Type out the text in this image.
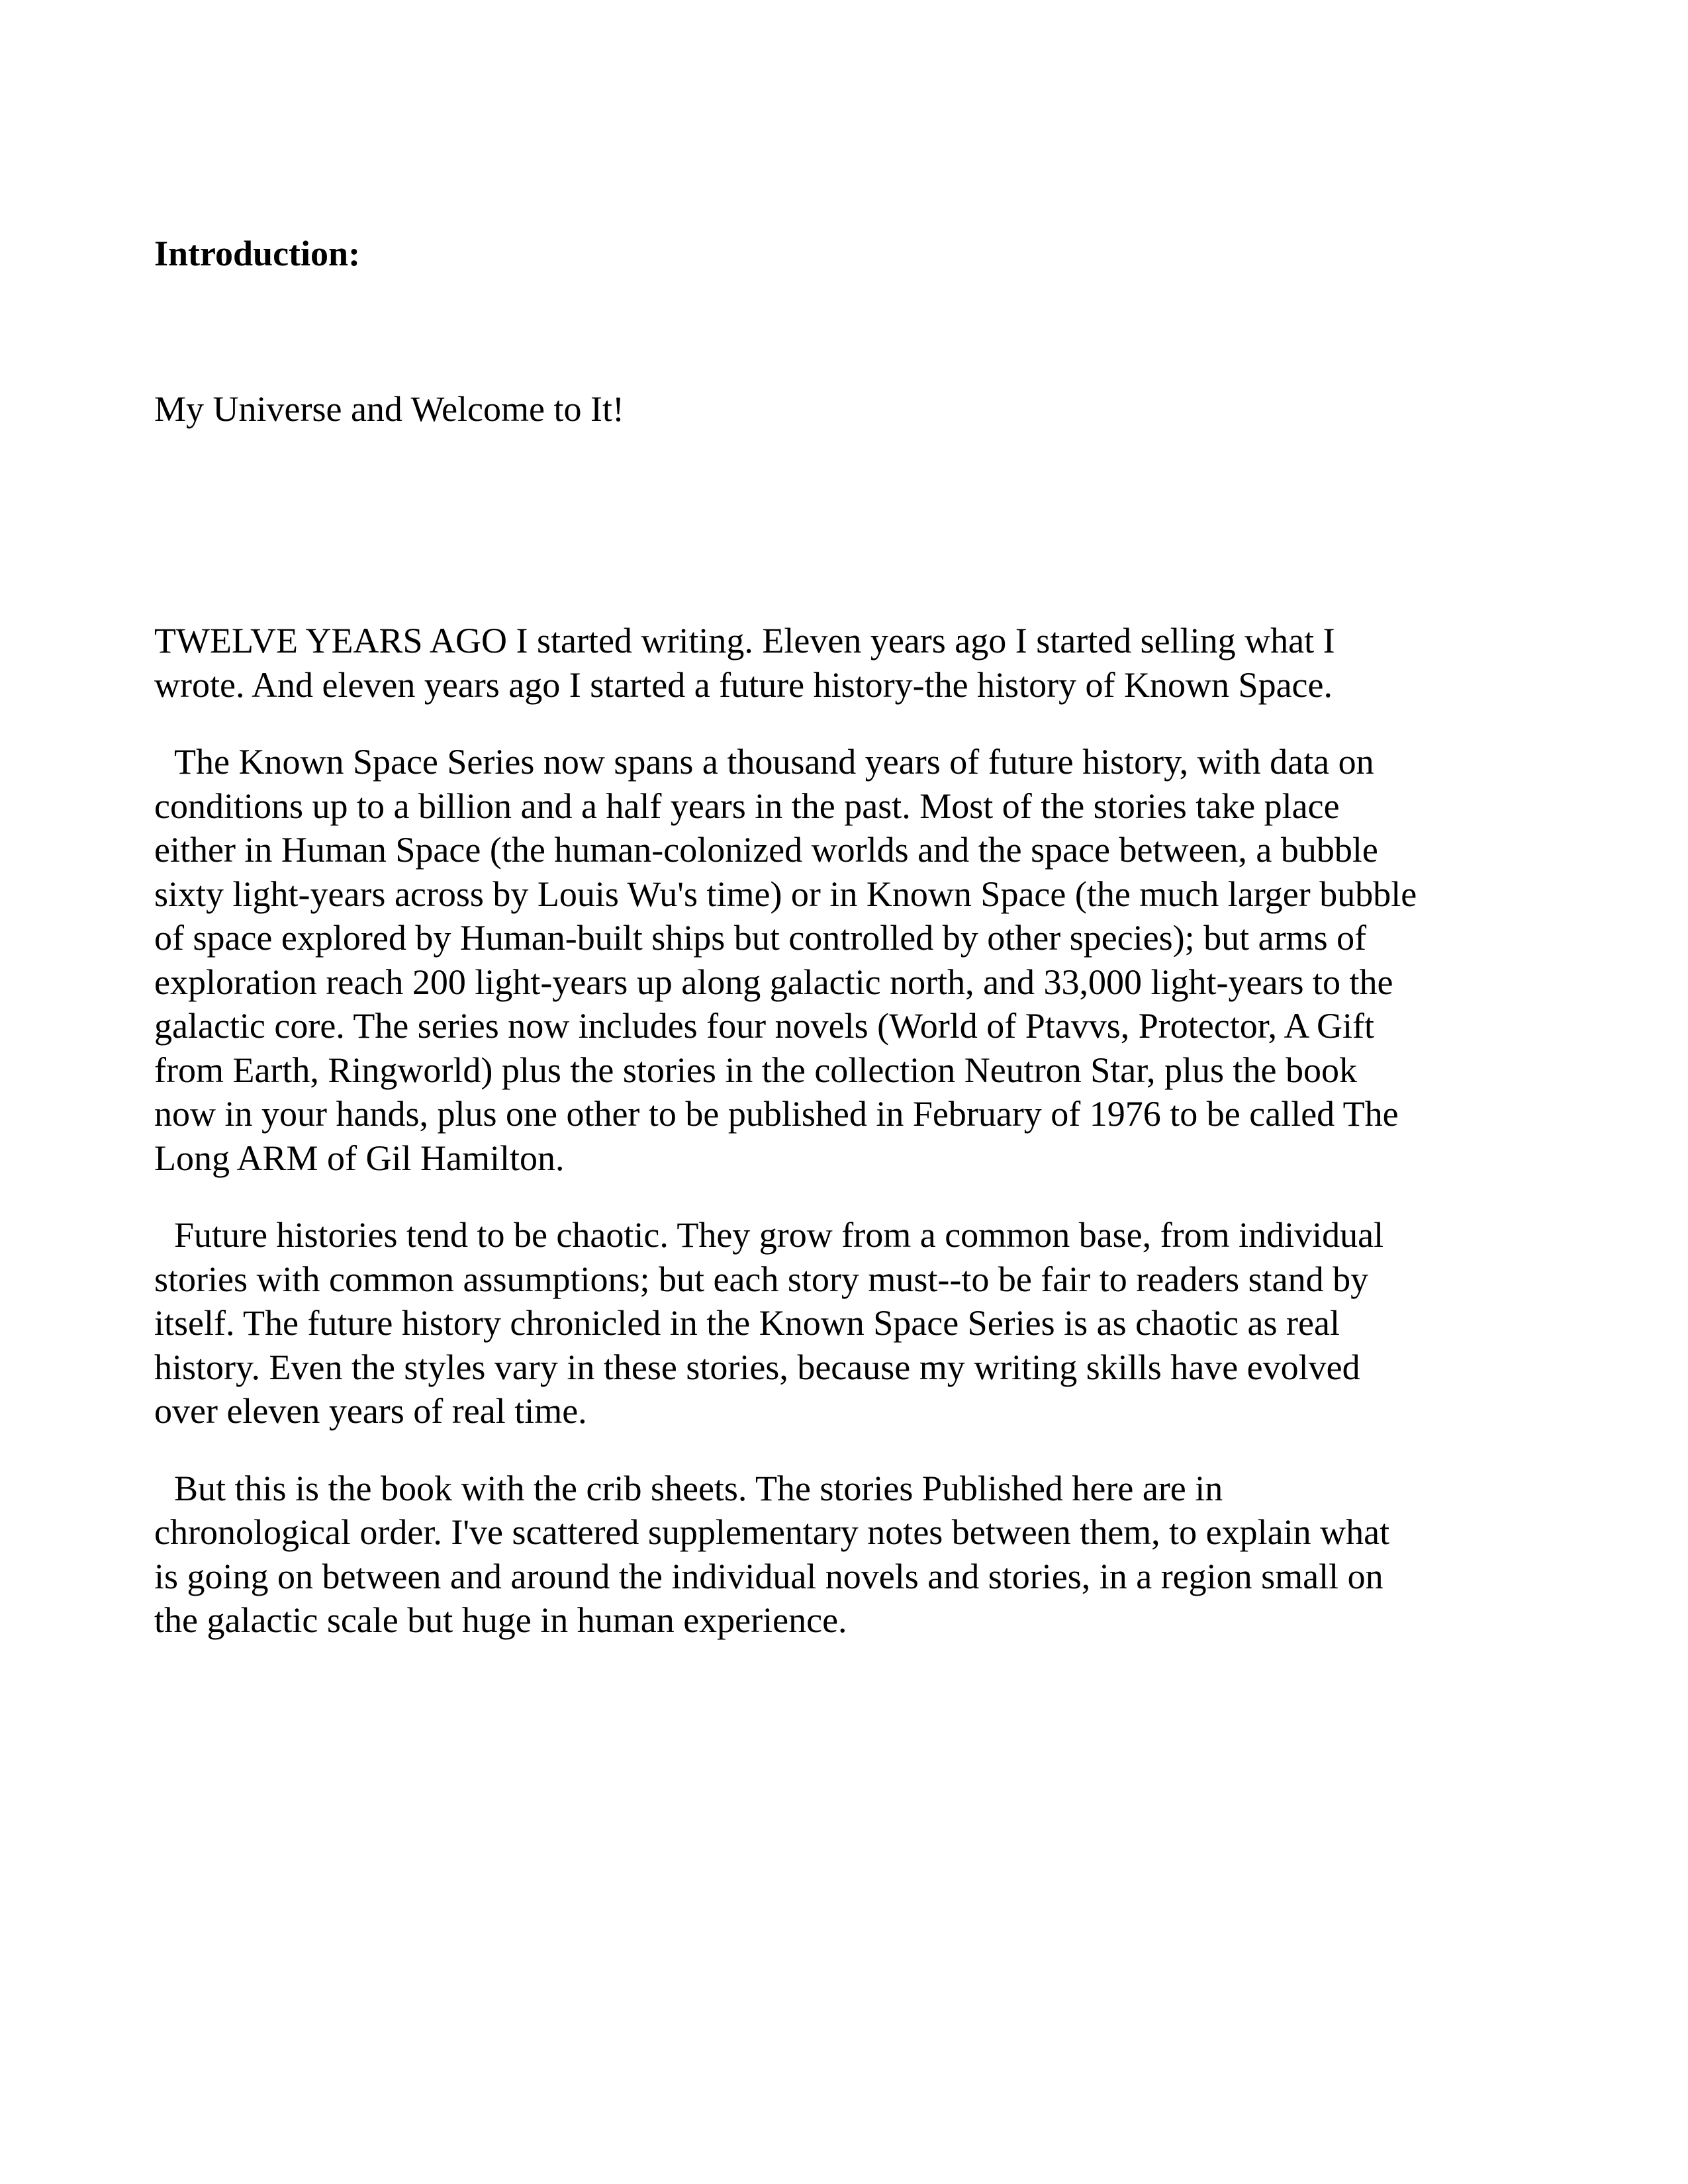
Introduction:

My Universe and Welcome to It!

TWELVE YEARS AGO I started writing. Eleven years ago I started selling what I
wrote. And eleven years ago I started a future history-the history of Known Space.

The Known Space Series now spans a thousand years of future history, with data on
conditions up to a billion and a half years in the past. Most of the stories take place
either in Human Space (the human-colonized worlds and the space between, a bubble
sixty light-years across by Louis Wu's time) or in Known Space (the much larger bubble
of space explored by Human-built ships but controlled by other species); but arms of
exploration reach 200 light-years up along galactic north, and 33,000 light-years to the
galactic core. The series now includes four novels (World of Ptavvs, Protector, A Gift
from Earth, Ringworld) plus the stories in the collection Neutron Star, plus the book
now in your hands, plus one other to be published in February of 1976 to be called The
Long ARM of Gil Hamilton.

Future histories tend to be chaotic. They grow from a common base, from individual
stories with common assumptions; but each story must--to be fair to readers stand by
itself. The future history chronicled in the Known Space Series is as chaotic as real
history. Even the styles vary in these stories, because my writing skills have evolved
over eleven years of real time.

But this is the book with the crib sheets. The stories Published here are in
chronological order. I've scattered supplementary notes between them, to explain what
is going on between and around the individual novels and stories, in a region small on
the galactic scale but huge in human experience.
